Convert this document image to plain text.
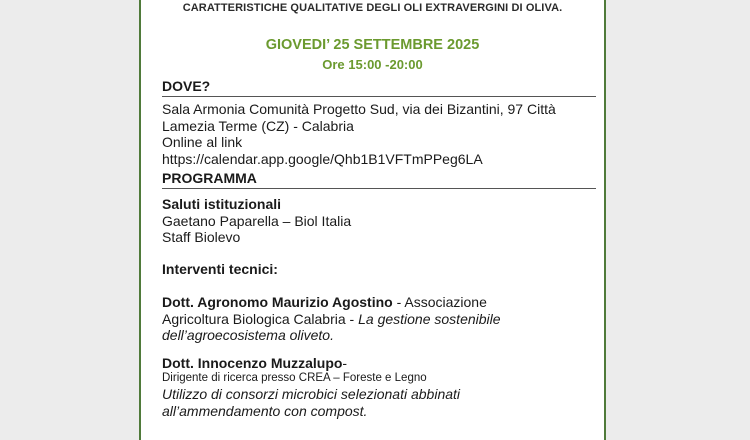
CARATTERISTICHE QUALITATIVE DEGLI OLI EXTRAVERGINI DI OLIVA.
GIOVEDI’ 25 SETTEMBRE 2025
Ore 15:00 -20:00
DOVE?
Sala Armonia Comunità Progetto Sud, via dei Bizantini, 97 Città
Lamezia Terme (CZ) - Calabria
Online al link
https://calendar.app.google/Qhb1B1VFTmPPeg6LA
PROGRAMMA
Saluti istituzionali
Gaetano Paparella – Biol Italia
Staff Biolevo
Interventi tecnici:
Dott. Agronomo Maurizio Agostino - Associazione
Agricoltura Biologica Calabria - La gestione sostenibile
dell’agroecosistema oliveto.
Dott. Innocenzo Muzzalupo-
Dirigente di ricerca presso CREA – Foreste e Legno
Utilizzo di consorzi microbici selezionati abbinati
all’ammendamento con compost.
